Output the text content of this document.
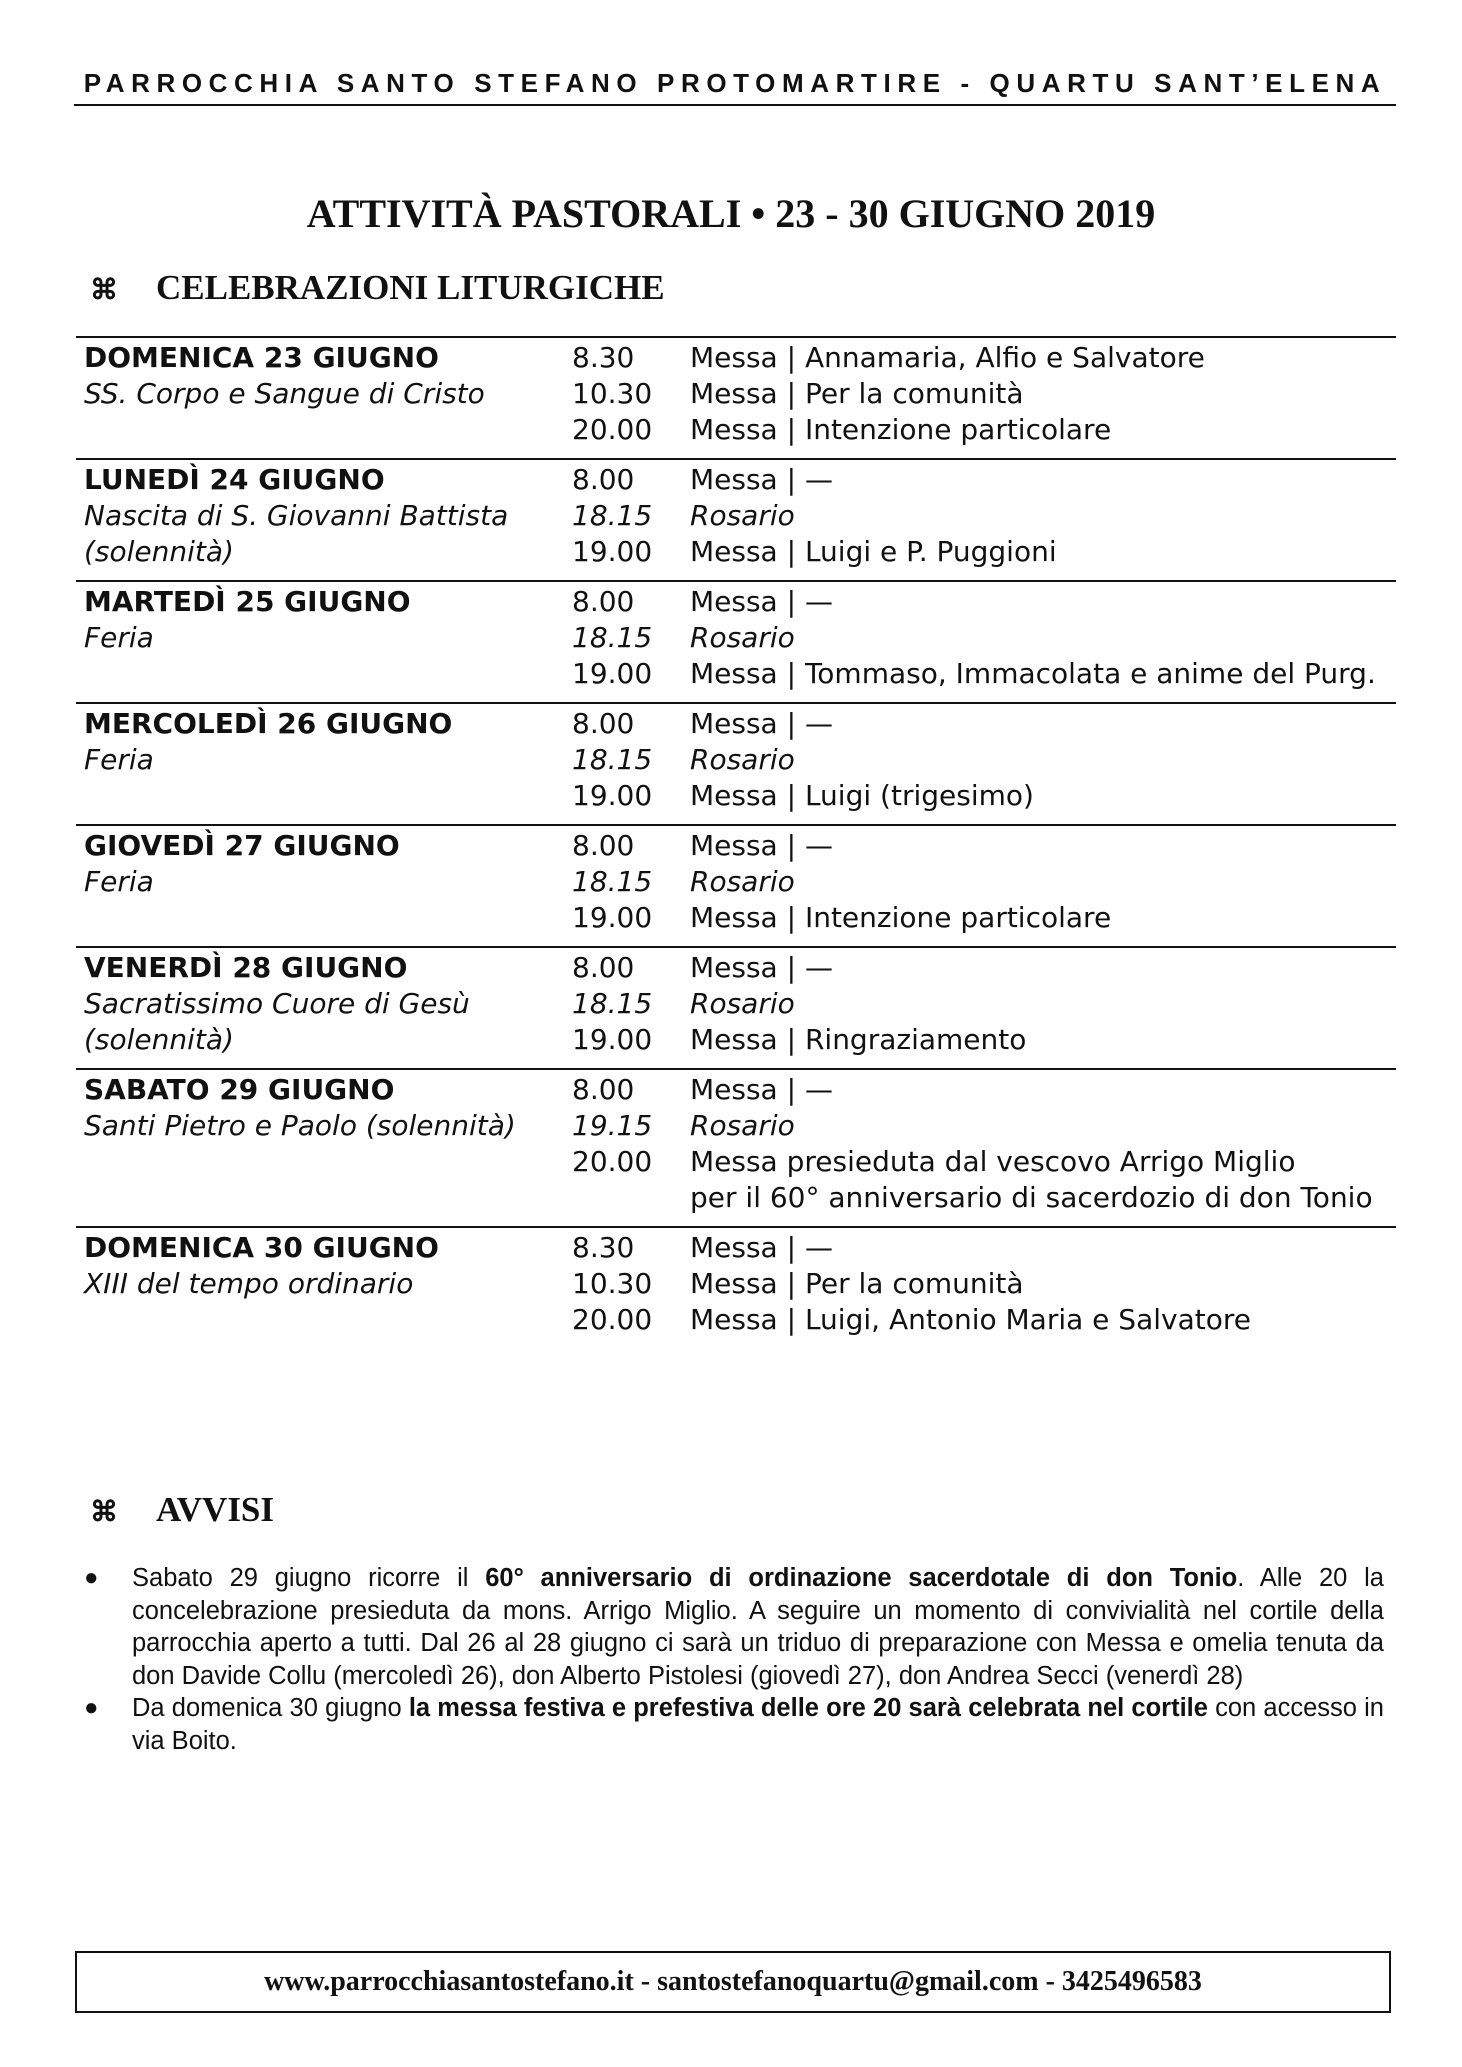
PARROCCHIA SANTO STEFANO PROTOMARTIRE - QUARTU SANT’ELENA
ATTIVITÀ PASTORALI • 23 - 30 GIUGNO 2019
⌘ CELEBRAZIONI LITURGICHE
DOMENICA 23 GIUGNO	8.30	Messa | Annamaria, Alfio e Salvatore
SS. Corpo e Sangue di Cristo	10.30	Messa | Per la comunità
20.00	Messa | Intenzione particolare
LUNEDÌ 24 GIUGNO	8.00	Messa | —
Nascita di S. Giovanni Battista	18.15	Rosario
(solennità)	19.00	Messa | Luigi e P. Puggioni
MARTEDÌ 25 GIUGNO	8.00	Messa | —
Feria	18.15	Rosario
19.00	Messa | Tommaso, Immacolata e anime del Purg.
MERCOLEDÌ 26 GIUGNO	8.00	Messa | —
Feria	18.15	Rosario
19.00	Messa | Luigi (trigesimo)
GIOVEDÌ 27 GIUGNO	8.00	Messa | —
Feria	18.15	Rosario
19.00	Messa | Intenzione particolare
VENERDÌ 28 GIUGNO	8.00	Messa | —
Sacratissimo Cuore di Gesù	18.15	Rosario
(solennità)	19.00	Messa | Ringraziamento
SABATO 29 GIUGNO	8.00	Messa | —
Santi Pietro e Paolo (solennità)	19.15	Rosario
20.00	Messa presieduta dal vescovo Arrigo Miglio
per il 60° anniversario di sacerdozio di don Tonio
DOMENICA 30 GIUGNO	8.30	Messa | —
XIII del tempo ordinario	10.30	Messa | Per la comunità
20.00	Messa | Luigi, Antonio Maria e Salvatore
⌘ AVVISI
●	Sabato 29 giugno ricorre il 60° anniversario di ordinazione sacerdotale di don Tonio. Alle 20 la concelebrazione presieduta da mons. Arrigo Miglio. A seguire un momento di convivialità nel cortile della parrocchia aperto a tutti. Dal 26 al 28 giugno ci sarà un triduo di preparazione con Messa e omelia tenuta da don Davide Collu (mercoledì 26), don Alberto Pistolesi (giovedì 27), don Andrea Secci (venerdì 28)

●	Da domenica 30 giugno la messa festiva e prefestiva delle ore 20 sarà celebrata nel cortile con accesso in via Boito.

www.parrocchiasantostefano.it - santostefanoquartu@gmail.com - 3425496583
